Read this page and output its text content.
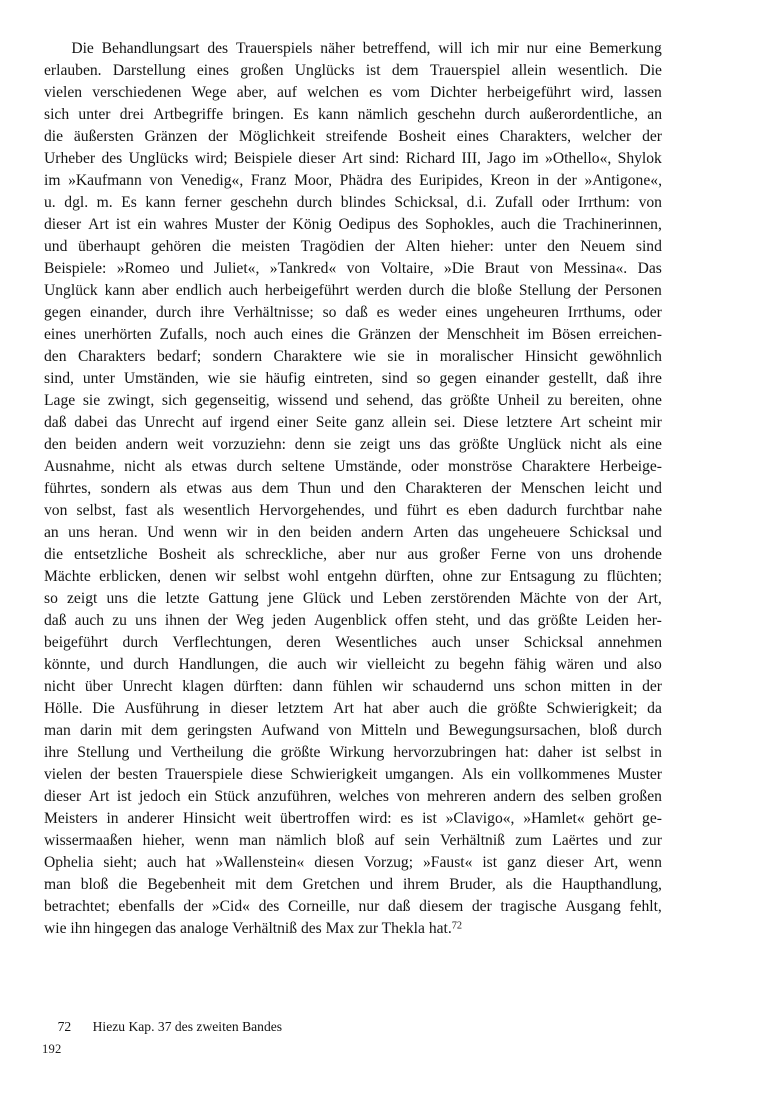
Die Behandlungsart des Trauerspiels näher betreffend, will ich mir nur eine Bemerkung
erlauben. Darstellung eines großen Unglücks ist dem Trauerspiel allein wesentlich. Die
vielen verschiedenen Wege aber, auf welchen es vom Dichter herbeigeführt wird, lassen
sich unter drei Artbegriffe bringen. Es kann nämlich geschehn durch außerordentliche, an
die äußersten Gränzen der Möglichkeit streifende Bosheit eines Charakters, welcher der
Urheber des Unglücks wird; Beispiele dieser Art sind: Richard III, Jago im »Othello«, Shylok
im »Kaufmann von Venedig«, Franz Moor, Phädra des Euripides, Kreon in der »Antigone«,
u. dgl. m. Es kann ferner geschehn durch blindes Schicksal, d.i. Zufall oder Irrthum: von
dieser Art ist ein wahres Muster der König Oedipus des Sophokles, auch die Trachinerinnen,
und überhaupt gehören die meisten Tragödien der Alten hieher: unter den Neuem sind
Beispiele: »Romeo und Juliet«, »Tankred« von Voltaire, »Die Braut von Messina«. Das
Unglück kann aber endlich auch herbeigeführt werden durch die bloße Stellung der Personen
gegen einander, durch ihre Verhältnisse; so daß es weder eines ungeheuren Irrthums, oder
eines unerhörten Zufalls, noch auch eines die Gränzen der Menschheit im Bösen erreichen-
den Charakters bedarf; sondern Charaktere wie sie in moralischer Hinsicht gewöhnlich
sind, unter Umständen, wie sie häufig eintreten, sind so gegen einander gestellt, daß ihre
Lage sie zwingt, sich gegenseitig, wissend und sehend, das größte Unheil zu bereiten, ohne
daß dabei das Unrecht auf irgend einer Seite ganz allein sei. Diese letztere Art scheint mir
den beiden andern weit vorzuziehn: denn sie zeigt uns das größte Unglück nicht als eine
Ausnahme, nicht als etwas durch seltene Umstände, oder monströse Charaktere Herbeige-
führtes, sondern als etwas aus dem Thun und den Charakteren der Menschen leicht und
von selbst, fast als wesentlich Hervorgehendes, und führt es eben dadurch furchtbar nahe
an uns heran. Und wenn wir in den beiden andern Arten das ungeheuere Schicksal und
die entsetzliche Bosheit als schreckliche, aber nur aus großer Ferne von uns drohende
Mächte erblicken, denen wir selbst wohl entgehn dürften, ohne zur Entsagung zu flüchten;
so zeigt uns die letzte Gattung jene Glück und Leben zerstörenden Mächte von der Art,
daß auch zu uns ihnen der Weg jeden Augenblick offen steht, und das größte Leiden her-
beigeführt durch Verflechtungen, deren Wesentliches auch unser Schicksal annehmen
könnte, und durch Handlungen, die auch wir vielleicht zu begehn fähig wären und also
nicht über Unrecht klagen dürften: dann fühlen wir schaudernd uns schon mitten in der
Hölle. Die Ausführung in dieser letztem Art hat aber auch die größte Schwierigkeit; da
man darin mit dem geringsten Aufwand von Mitteln und Bewegungsursachen, bloß durch
ihre Stellung und Vertheilung die größte Wirkung hervorzubringen hat: daher ist selbst in
vielen der besten Trauerspiele diese Schwierigkeit umgangen. Als ein vollkommenes Muster
dieser Art ist jedoch ein Stück anzuführen, welches von mehreren andern des selben großen
Meisters in anderer Hinsicht weit übertroffen wird: es ist »Clavigo«, »Hamlet« gehört ge-
wissermaaßen hieher, wenn man nämlich bloß auf sein Verhältniß zum Laërtes und zur
Ophelia sieht; auch hat »Wallenstein« diesen Vorzug; »Faust« ist ganz dieser Art, wenn
man bloß die Begebenheit mit dem Gretchen und ihrem Bruder, als die Haupthandlung,
betrachtet; ebenfalls der »Cid« des Corneille, nur daß diesem der tragische Ausgang fehlt,
wie ihn hingegen das analoge Verhältniß des Max zur Thekla hat.$^{72}$

72 Hiezu Kap. 37 des zweiten Bandes

192
